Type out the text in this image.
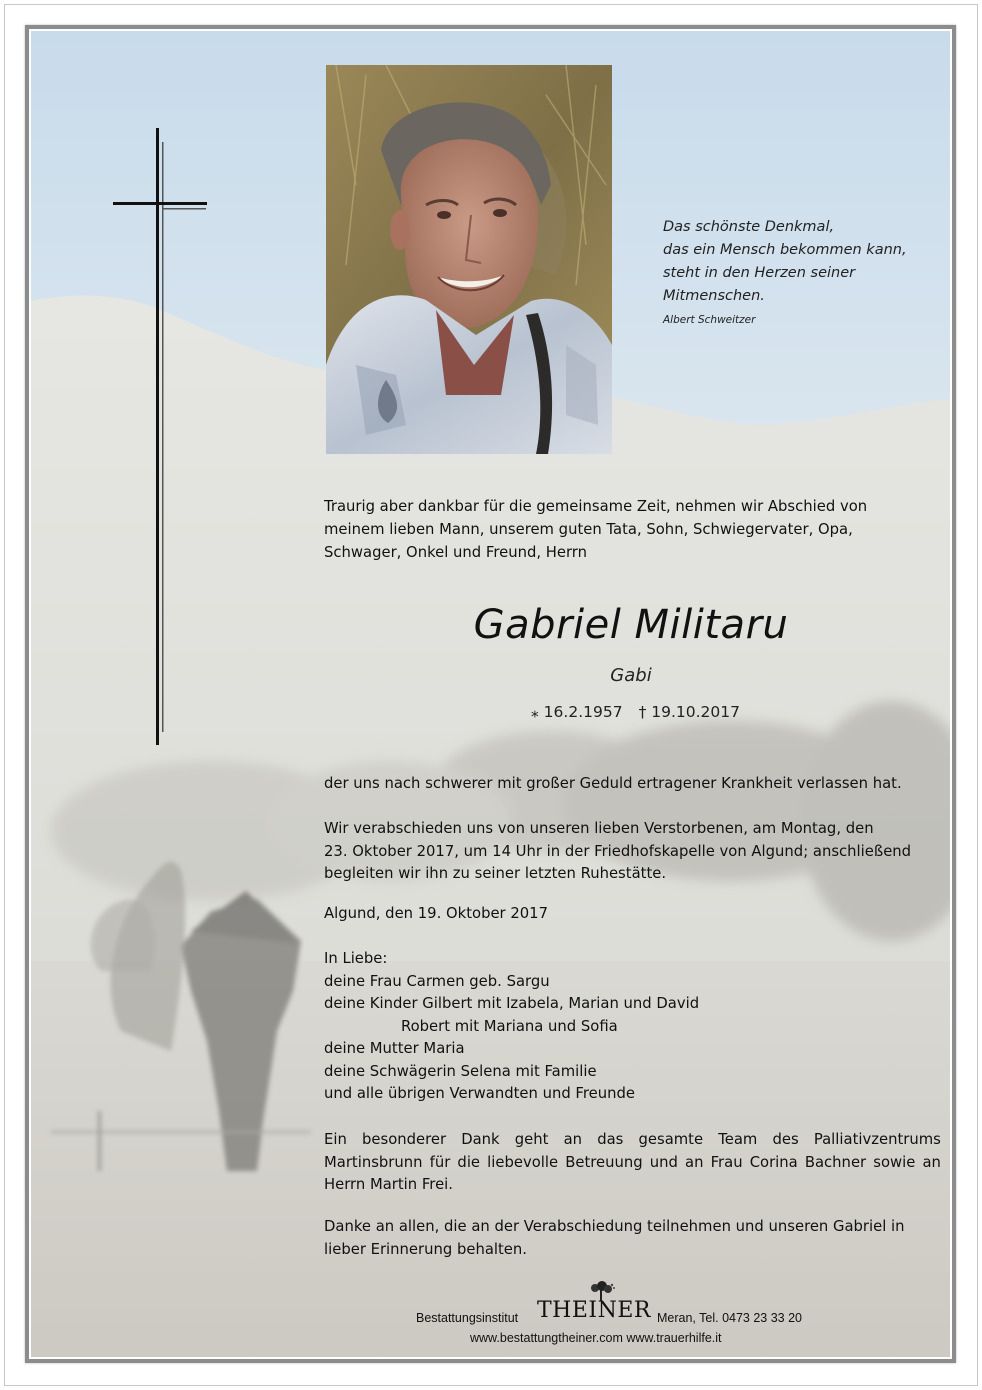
Das schönste Denkmal,
das ein Mensch bekommen kann,
steht in den Herzen seiner
Mitmenschen.
Albert Schweitzer
Traurig aber dankbar für die gemeinsame Zeit, nehmen wir Abschied von
meinem lieben Mann, unserem guten Tata, Sohn, Schwiegervater, Opa,
Schwager, Onkel und Freund, Herrn
Gabriel Militaru
Gabi
⁎ 16.2.1957 † 19.10.2017
der uns nach schwerer mit großer Geduld ertragener Krankheit verlassen hat.
Wir verabschieden uns von unseren lieben Verstorbenen, am Montag, den
23. Oktober 2017, um 14 Uhr in der Friedhofskapelle von Algund; anschließend
begleiten wir ihn zu seiner letzten Ruhestätte.
Algund, den 19. Oktober 2017
In Liebe:
deine Frau Carmen geb. Sargu
deine Kinder Gilbert mit Izabela, Marian und David
Robert mit Mariana und Sofia
deine Mutter Maria
deine Schwägerin Selena mit Familie
und alle übrigen Verwandten und Freunde
Ein besonderer Dank geht an das gesamte Team des Palliativzentrums
Martinsbrunn für die liebevolle Betreuung und an Frau Corina Bachner sowie an
Herrn Martin Frei.
Danke an allen, die an der Verabschiedung teilnehmen und unseren Gabriel in
lieber Erinnerung behalten.
Bestattungsinstitut THEINER Meran, Tel. 0473 23 33 20
www.bestattungtheiner.com www.trauerhilfe.it
